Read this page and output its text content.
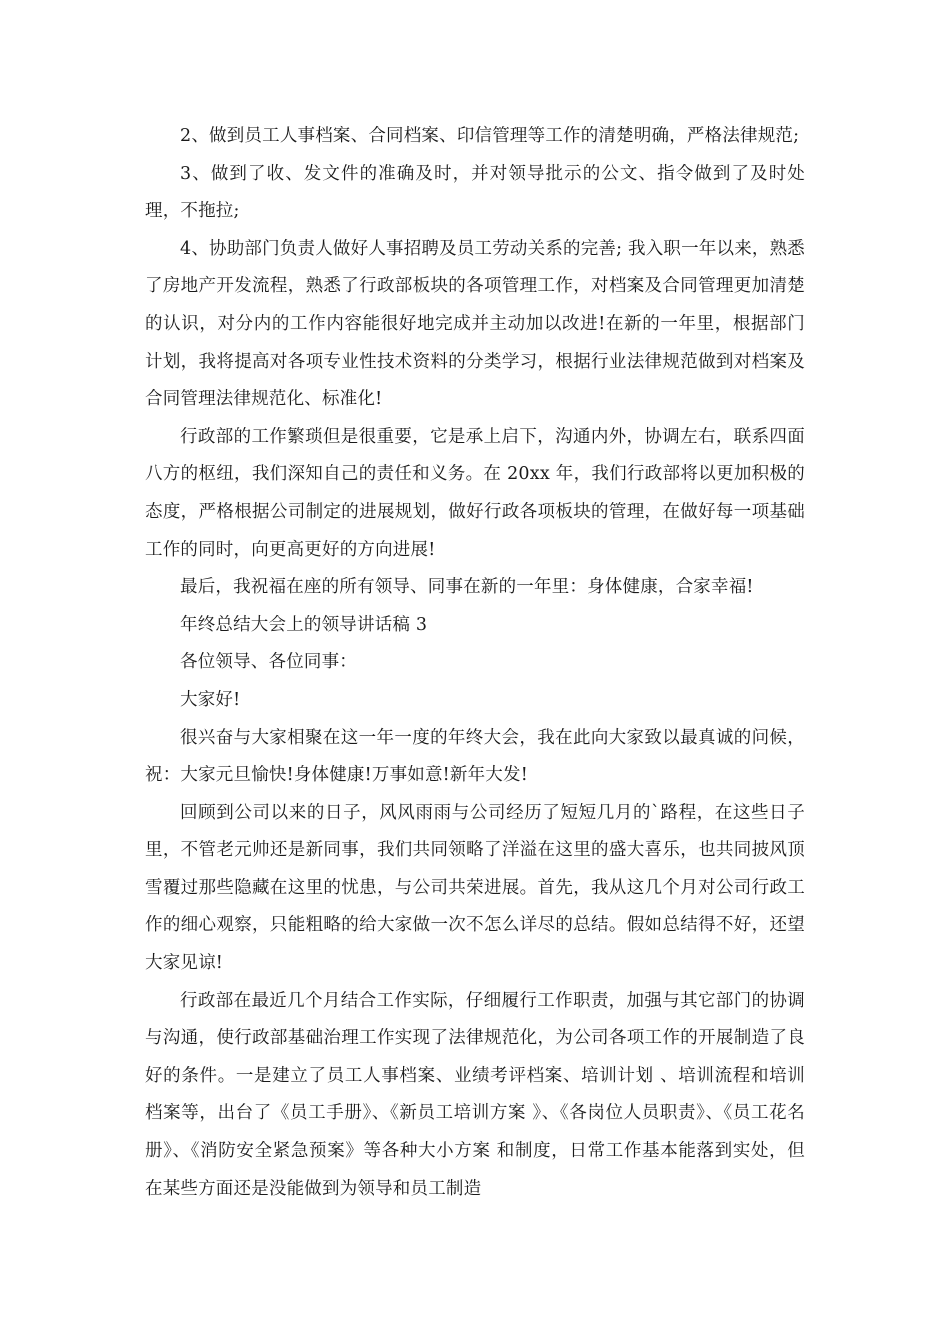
2、做到员工人事档案、合同档案、印信管理等工作的清楚明确，严格法律规范;

3、做到了收、发文件的准确及时，并对领导批示的公文、指令做到了及时处理，不拖拉;

4、协助部门负责人做好人事招聘及员工劳动关系的完善; 我入职一年以来，熟悉了房地产开发流程，熟悉了行政部板块的各项管理工作，对档案及合同管理更加清楚的认识，对分内的工作内容能很好地完成并主动加以改进!在新的一年里，根据部门计划，我将提高对各项专业性技术资料的分类学习，根据行业法律规范做到对档案及合同管理法律规范化、标准化!

行政部的工作繁琐但是很重要，它是承上启下，沟通内外，协调左右，联系四面八方的枢纽，我们深知自己的责任和义务。在 20xx 年，我们行政部将以更加积极的态度，严格根据公司制定的进展规划，做好行政各项板块的管理，在做好每一项基础工作的同时，向更高更好的方向进展!

最后，我祝福在座的所有领导、同事在新的一年里：身体健康，合家幸福!

年终总结大会上的领导讲话稿 3

各位领导、各位同事：

大家好!

很兴奋与大家相聚在这一年一度的年终大会，我在此向大家致以最真诚的问候，祝：大家元旦愉快!身体健康!万事如意!新年大发!

回顾到公司以来的日子，风风雨雨与公司经历了短短几月的`路程，在这些日子里，不管老元帅还是新同事，我们共同领略了洋溢在这里的盛大喜乐，也共同披风顶雪覆过那些隐藏在这里的忧患，与公司共荣进展。首先，我从这几个月对公司行政工作的细心观察，只能粗略的给大家做一次不怎么详尽的总结。假如总结得不好，还望大家见谅!

行政部在最近几个月结合工作实际，仔细履行工作职责，加强与其它部门的协调与沟通，使行政部基础治理工作实现了法律规范化，为公司各项工作的开展制造了良好的条件。一是建立了员工人事档案、业绩考评档案、培训计划 、培训流程和培训档案等，出台了《员工手册》、《新员工培训方案 》、《各岗位人员职责》、《员工花名册》、《消防安全紧急预案》等各种大小方案 和制度，日常工作基本能落到实处，但在某些方面还是没能做到为领导和员工制造
